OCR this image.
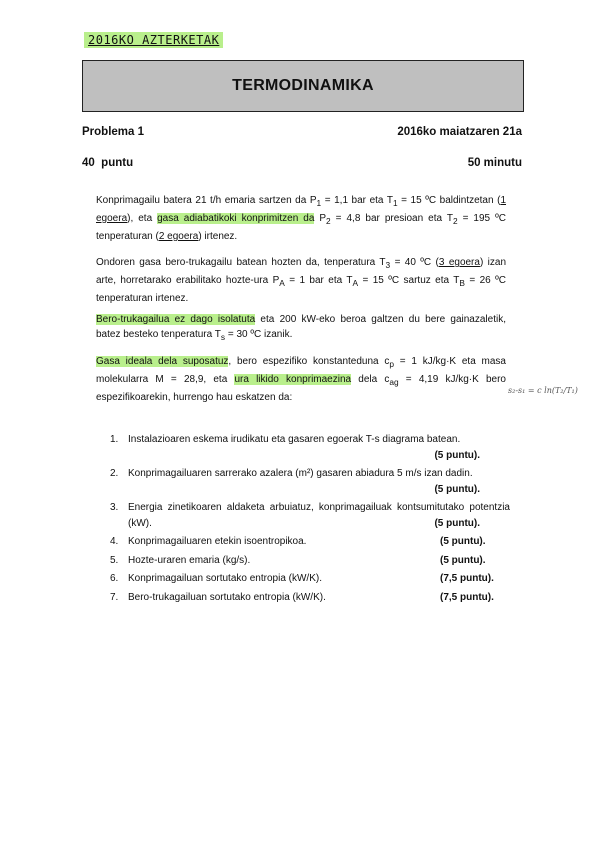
2016KO AZTERKETAK
TERMODINAMIKA
Problema 1	2016ko maiatzaren 21a
40  puntu	50 minutu

Konprimagailu batera 21 t/h emaria sartzen da $P_1 = 1,1$ bar eta $T_1 = 15$ ºC baldintzetan (1 egoera), eta gasa adiabatikoki konprimitzen da $P_2 = 4,8$ bar presioan eta $T_2 = 195$ ºC tenperaturan (2 egoera) irtenez.

Ondoren gasa bero-trukagailu batean hozten da, tenperatura $T_3 = 40$ ºC (3 egoera) izan arte, horretarako erabilitako hozte-ura $P_A = 1$ bar eta $T_A = 15$ ºC sartuz eta $T_B = 26$ ºC tenperaturan irtenez.

Bero-trukagailua ez dago isolatuta eta 200 kW-eko beroa galtzen du bere gainazaletik, batez besteko tenperatura $T_s = 30$ ºC izanik.

Gasa ideala dela suposatuz, bero espezifiko konstanteduna $c_p = 1$ kJ/kg·K eta masa molekularra M = 28,9, eta ura likido konprimaezina dela $c_{ag} = 4,19$ kJ/kg·K bero espezifikoarekin, hurrengo hau eskatzen da:

s₂-s₁ = c ln(T₂/T₁)
1. Instalazioaren eskema irudikatu eta gasaren egoerak T-s diagrama batean.
(5 puntu).
2. Konprimagailuaren sarrerako azalera (m²) gasaren abiadura 5 m/s izan dadin.
(5 puntu).
3. Energia zinetikoaren aldaketa arbuiatuz, konprimagailuak kontsumitutako potentzia (kW).	(5 puntu).
4. Konprimagailuaren etekin isoentropikoa.	(5 puntu).
5. Hozte-uraren emaria (kg/s).	(5 puntu).
6. Konprimagailuan sortutako entropia (kW/K).	(7,5 puntu).
7. Bero-trukagailuan sortutako entropia (kW/K).	(7,5 puntu).
